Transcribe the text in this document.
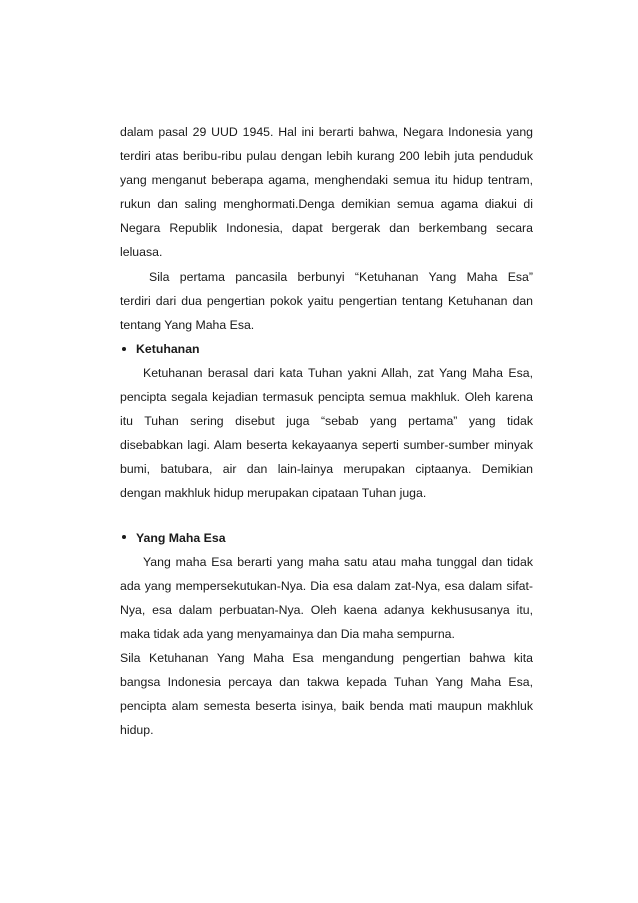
dalam pasal 29 UUD 1945. Hal ini berarti bahwa, Negara Indonesia yang
terdiri atas beribu-ribu pulau dengan lebih kurang 200 lebih juta penduduk
yang menganut beberapa agama, menghendaki semua itu hidup tentram,
rukun dan saling menghormati.Denga demikian semua agama diakui di
Negara Republik Indonesia, dapat bergerak dan berkembang secara
leluasa.
Sila pertama pancasila berbunyi “Ketuhanan Yang Maha Esa”
terdiri dari dua pengertian pokok yaitu pengertian tentang Ketuhanan dan
tentang Yang Maha Esa.
Ketuhanan
Ketuhanan berasal dari kata Tuhan yakni Allah, zat Yang Maha Esa,
pencipta segala kejadian termasuk pencipta semua makhluk. Oleh karena
itu Tuhan sering disebut juga “sebab yang pertama” yang tidak
disebabkan lagi. Alam beserta kekayaanya seperti sumber-sumber minyak
bumi, batubara, air dan lain-lainya merupakan ciptaanya. Demikian
dengan makhluk hidup merupakan cipataan Tuhan juga.
Yang Maha Esa
Yang maha Esa berarti yang maha satu atau maha tunggal dan tidak
ada yang mempersekutukan-Nya. Dia esa dalam zat-Nya, esa dalam sifat-
Nya, esa dalam perbuatan-Nya. Oleh kaena adanya kekhususanya itu,
maka tidak ada yang menyamainya dan Dia maha sempurna.
Sila Ketuhanan Yang Maha Esa mengandung pengertian bahwa kita
bangsa Indonesia percaya dan takwa kepada Tuhan Yang Maha Esa,
pencipta alam semesta beserta isinya, baik benda mati maupun makhluk
hidup.
